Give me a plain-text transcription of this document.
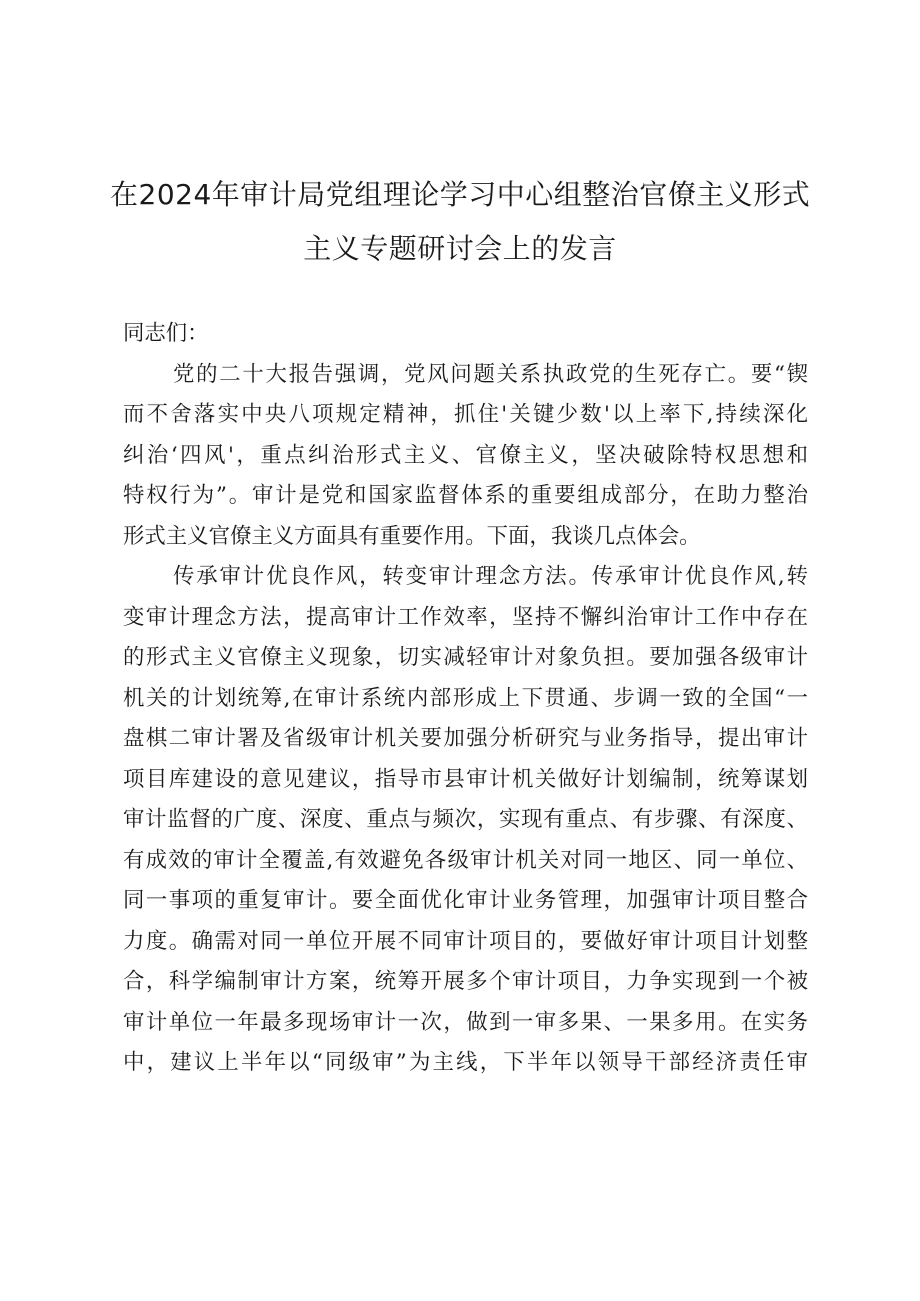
在2024年审计局党组理论学习中心组整治官僚主义形式
主义专题研讨会上的发言
同志们：
党的二十大报告强调，党风问题关系执政党的生死存亡。要“锲
而不舍落实中央八项规定精神，抓住'关键少数'以上率下,持续深化
纠治‘四风'，重点纠治形式主义、官僚主义，坚决破除特权思想和
特权行为”。审计是党和国家监督体系的重要组成部分，在助力整治
形式主义官僚主义方面具有重要作用。下面，我谈几点体会。
传承审计优良作风，转变审计理念方法。传承审计优良作风,转
变审计理念方法，提高审计工作效率，坚持不懈纠治审计工作中存在
的形式主义官僚主义现象，切实减轻审计对象负担。要加强各级审计
机关的计划统筹,在审计系统内部形成上下贯通、步调一致的全国“一
盘棋二审计署及省级审计机关要加强分析研究与业务指导，提出审计
项目库建设的意见建议，指导市县审计机关做好计划编制，统筹谋划
审计监督的广度、深度、重点与频次，实现有重点、有步骤、有深度、
有成效的审计全覆盖,有效避免各级审计机关对同一地区、同一单位、
同一事项的重复审计。要全面优化审计业务管理，加强审计项目整合
力度。确需对同一单位开展不同审计项目的，要做好审计项目计划整
合，科学编制审计方案，统筹开展多个审计项目，力争实现到一个被
审计单位一年最多现场审计一次，做到一审多果、一果多用。在实务
中，建议上半年以“同级审”为主线，下半年以领导干部经济责任审
